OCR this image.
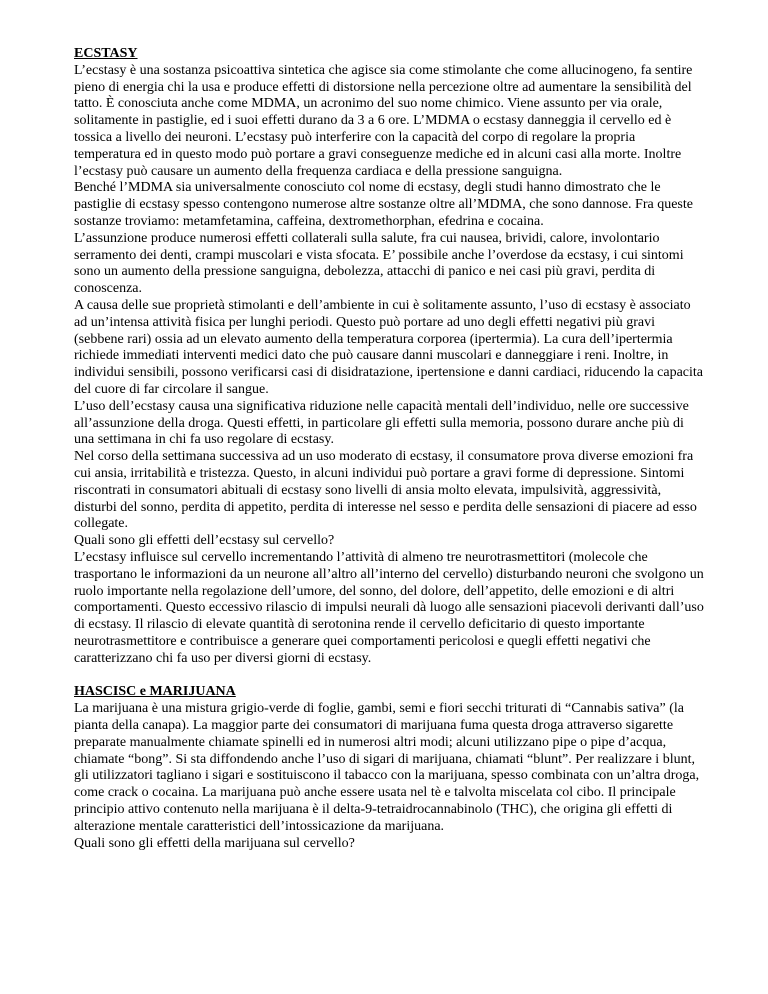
ECSTASY

L’ecstasy è una sostanza psicoattiva sintetica che agisce sia come stimolante che come allucinogeno, fa sentire pieno di energia chi la usa e produce effetti di distorsione nella percezione oltre ad aumentare la sensibilità del tatto. È conosciuta anche come MDMA, un acronimo del suo nome chimico. Viene assunto per via orale, solitamente in pastiglie, ed i suoi effetti durano da 3 a 6 ore. L’MDMA o ecstasy danneggia il cervello ed è tossica a livello dei neuroni. L’ecstasy può interferire con la capacità del corpo di regolare la propria temperatura ed in questo modo può portare a gravi conseguenze mediche ed in alcuni casi alla morte. Inoltre l’ecstasy può causare un aumento della frequenza cardiaca e della pressione sanguigna.

Benché l’MDMA sia universalmente conosciuto col nome di ecstasy, degli studi hanno dimostrato che le pastiglie di ecstasy spesso contengono numerose altre sostanze oltre all’MDMA, che sono dannose. Fra queste sostanze troviamo: metamfetamina, caffeina, dextromethorphan, efedrina e cocaina.

L’assunzione produce numerosi effetti collaterali sulla salute, fra cui nausea, brividi, calore, involontario serramento dei denti, crampi muscolari e vista sfocata. E’ possibile anche l’overdose da ecstasy, i cui sintomi sono un aumento della pressione sanguigna, debolezza, attacchi di panico e nei casi più gravi, perdita di conoscenza.

A causa delle sue proprietà stimolanti e dell’ambiente in cui è solitamente assunto, l’uso di ecstasy è associato ad un’intensa attività fisica per lunghi periodi. Questo può portare ad uno degli effetti negativi più gravi (sebbene rari) ossia ad un elevato aumento della temperatura corporea (ipertermia). La cura dell’ipertermia richiede immediati interventi medici dato che può causare danni muscolari e danneggiare i reni. Inoltre, in individui sensibili, possono verificarsi casi di disidratazione, ipertensione e danni cardiaci, riducendo la capacita del cuore di far circolare il sangue.

L’uso dell’ecstasy causa una significativa riduzione nelle capacità mentali dell’individuo, nelle ore successive all’assunzione della droga. Questi effetti, in particolare gli effetti sulla memoria, possono durare anche più di una settimana in chi fa uso regolare di ecstasy.

Nel corso della settimana successiva ad un uso moderato di ecstasy, il consumatore prova diverse emozioni fra cui ansia, irritabilità e tristezza. Questo, in alcuni individui può portare a gravi forme di depressione. Sintomi riscontrati in consumatori abituali di ecstasy sono livelli di ansia molto elevata, impulsività, aggressività, disturbi del sonno, perdita di appetito, perdita di interesse nel sesso e perdita delle sensazioni di piacere ad esso collegate.

Quali sono gli effetti dell’ecstasy sul cervello?

L’ecstasy influisce sul cervello incrementando l’attività di almeno tre neurotrasmettitori (molecole che trasportano le informazioni da un neurone all’altro all’interno del cervello) disturbando neuroni che svolgono un ruolo importante nella regolazione dell’umore, del sonno, del dolore, dell’appetito, delle emozioni e di altri comportamenti. Questo eccessivo rilascio di impulsi neurali dà luogo alle sensazioni piacevoli derivanti dall’uso di ecstasy. Il rilascio di elevate quantità di serotonina rende il cervello deficitario di questo importante neurotrasmettitore e contribuisce a generare quei comportamenti pericolosi e quegli effetti negativi che caratterizzano chi fa uso per diversi giorni di ecstasy.

HASCISC e MARIJUANA

La marijuana è una mistura grigio-verde di foglie, gambi, semi e fiori secchi triturati di “Cannabis sativa” (la pianta della canapa). La maggior parte dei consumatori di marijuana fuma questa droga attraverso sigarette preparate manualmente chiamate spinelli ed in numerosi altri modi; alcuni utilizzano pipe o pipe d’acqua, chiamate “bong”. Si sta diffondendo anche l’uso di sigari di marijuana, chiamati “blunt”. Per realizzare i blunt, gli utilizzatori tagliano i sigari e sostituiscono il tabacco con la marijuana, spesso combinata con un’altra droga, come crack o cocaina. La marijuana può anche essere usata nel tè e talvolta miscelata col cibo. Il principale principio attivo contenuto nella marijuana è il delta-9-tetraidrocannabinolo (THC), che origina gli effetti di alterazione mentale caratteristici dell’intossicazione da marijuana.

Quali sono gli effetti della marijuana sul cervello?
